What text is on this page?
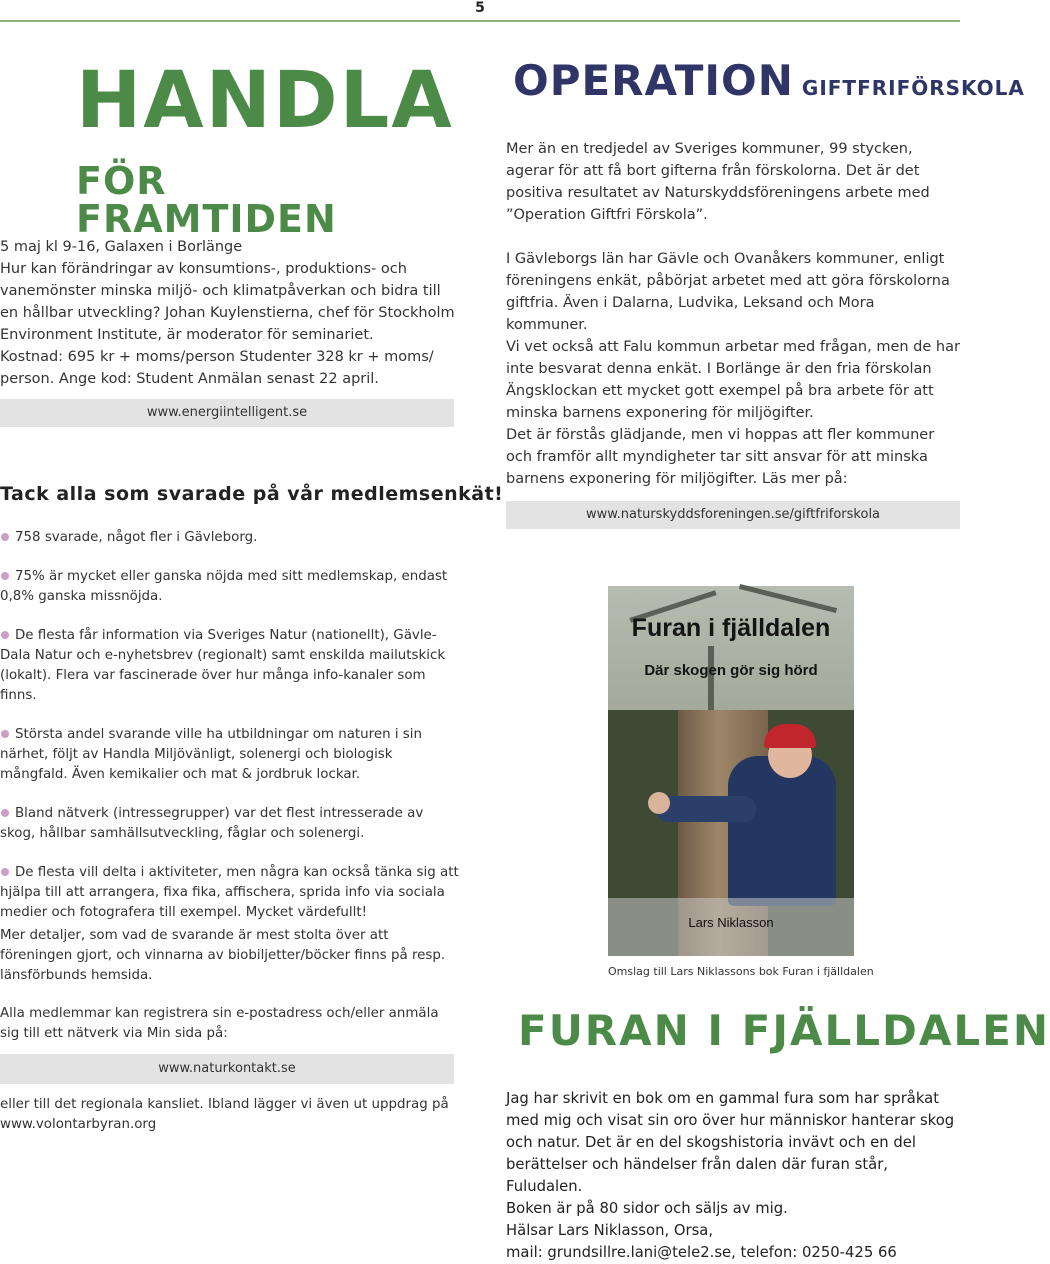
5
HANDLA
FÖR FRAMTIDEN
5 maj kl 9-16, Galaxen i Borlänge
Hur kan förändringar av konsumtions-, produktions- och vanemönster minska miljö- och klimatpåverkan och bidra till en hållbar utveckling? Johan Kuylenstierna, chef för Stockholm Environment Institute, är moderator för seminariet.
Kostnad: 695 kr + moms/person Studenter 328 kr + moms/ person. Ange kod: Student Anmälan senast 22 april.
www.energiintelligent.se
Tack alla som svarade på vår medlemsenkät!
758 svarade, något fler i Gävleborg.
75% är mycket eller ganska nöjda med sitt medlemskap, endast 0,8% ganska missnöjda.
De flesta får information via Sveriges Natur (nationellt), Gävle-Dala Natur och e-nyhetsbrev (regionalt) samt enskilda mailutskick (lokalt). Flera var fascinerade över hur många info-kanaler som finns.
Största andel svarande ville ha utbildningar om naturen i sin närhet, följt av Handla Miljövänligt, solenergi och biologisk mångfald. Även kemikalier och mat & jordbruk lockar.
Bland nätverk (intressegrupper) var det flest intresserade av skog, hållbar samhällsutveckling, fåglar och solenergi.
De flesta vill delta i aktiviteter, men några kan också tänka sig att hjälpa till att arrangera, fixa fika, affischera, sprida info via sociala medier och fotografera till exempel. Mycket värdefullt!
Mer detaljer, som vad de svarande är mest stolta över att föreningen gjort, och vinnarna av biobiljetter/böcker finns på resp. länsförbunds hemsida.
Alla medlemmar kan registrera sin e-postadress och/eller anmäla sig till ett nätverk via Min sida på:
www.naturkontakt.se
eller till det regionala kansliet. Ibland lägger vi även ut uppdrag på www.volontarbyran.org
OPERATION GIFTFRIFÖRSKOLA
Mer än en tredjedel av Sveriges kommuner, 99 stycken, agerar för att få bort gifterna från förskolorna. Det är det positiva resultatet av Naturskyddsföreningens arbete med ”Operation Giftfri Förskola”.
I Gävleborgs län har Gävle och Ovanåkers kommuner, enligt föreningens enkät, påbörjat arbetet med att göra förskolorna giftfria. Även i Dalarna, Ludvika, Leksand och Mora kommuner.
Vi vet också att Falu kommun arbetar med frågan, men de har inte besvarat denna enkät. I Borlänge är den fria förskolan Ängsklockan ett mycket gott exempel på bra arbete för att minska barnens exponering för miljögifter.
Det är förstås glädjande, men vi hoppas att fler kommuner och framför allt myndigheter tar sitt ansvar för att minska barnens exponering för miljögifter. Läs mer på:
www.naturskyddsforeningen.se/giftfriforskola
Furan i fjälldalen
Där skogen gör sig hörd
Lars Niklasson
Omslag till Lars Niklassons bok Furan i fjälldalen
FURAN I FJÄLLDALEN
Jag har skrivit en bok om en gammal fura som har språkat med mig och visat sin oro över hur människor hanterar skog och natur. Det är en del skogshistoria invävt och en del berättelser och händelser från dalen där furan står, Fuludalen.
Boken är på 80 sidor och säljs av mig.
Hälsar Lars Niklasson, Orsa,
mail: grundsillre.lani@tele2.se, telefon: 0250-425 66
